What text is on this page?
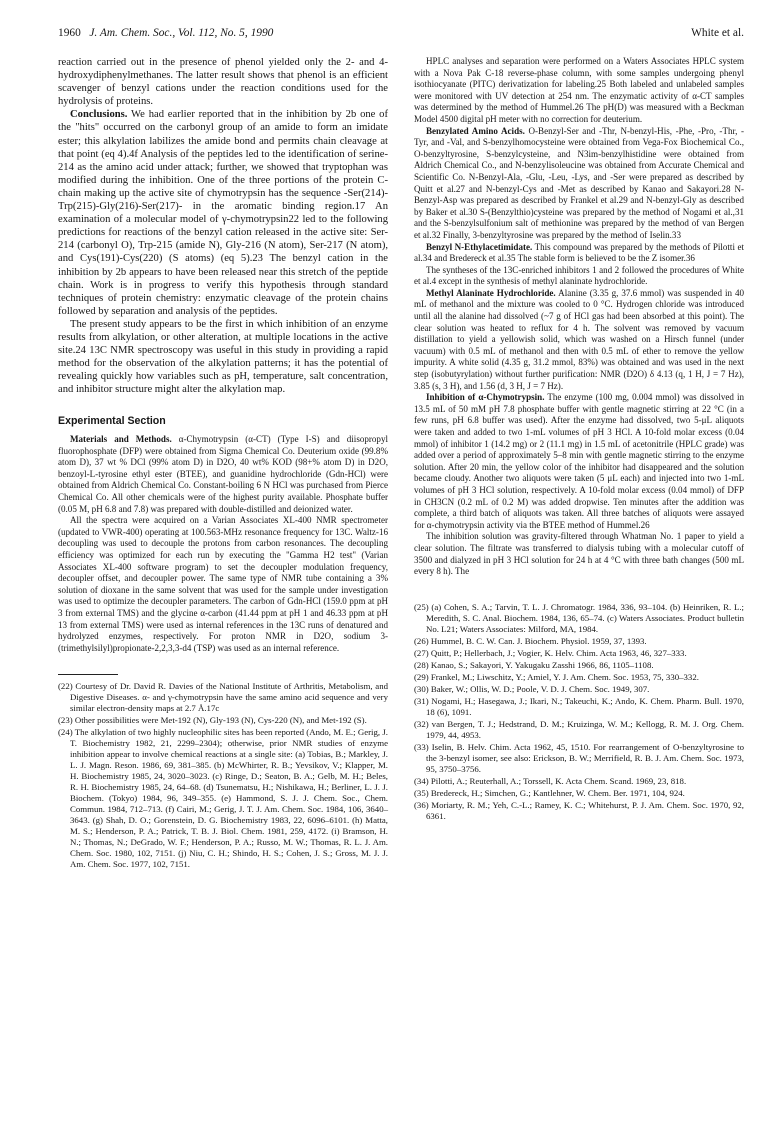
1960 J. Am. Chem. Soc., Vol. 112, No. 5, 1990	White et al.

reaction carried out in the presence of phenol yielded only the 2- and 4-hydroxydiphenylmethanes. The latter result shows that phenol is an efficient scavenger of benzyl cations under the reaction conditions used for the hydrolysis of proteins.

Conclusions. We had earlier reported that in the inhibition by 2b one of the "hits" occurred on the carbonyl group of an amide to form an imidate ester; this alkylation labilizes the amide bond and permits chain cleavage at that point (eq 4).4f Analysis of the peptides led to the identification of serine-214 as the amino acid under attack; further, we showed that tryptophan was modified during the inhibition. One of the three portions of the protein C-chain making up the active site of chymotrypsin has the sequence -Ser(214)-Trp(215)-Gly(216)-Ser(217)- in the aromatic binding region.17 An examination of a molecular model of γ-chymotrypsin22 led to the following predictions for reactions of the benzyl cation released in the active site: Ser-214 (carbonyl O), Trp-215 (amide N), Gly-216 (N atom), Ser-217 (N atom), and Cys(191)-Cys(220) (S atoms) (eq 5).23 The benzyl cation in the inhibition by 2b appears to have been released near this stretch of the peptide chain. Work is in progress to verify this hypothesis through standard techniques of protein chemistry: enzymatic cleavage of the protein chains followed by separation and analysis of the peptides.

The present study appears to be the first in which inhibition of an enzyme results from alkylation, or other alteration, at multiple locations in the active site.24 13C NMR spectroscopy was useful in this study in providing a rapid method for the observation of the alkylation patterns; it has the potential of revealing quickly how variables such as pH, temperature, salt concentration, and inhibitor structure might alter the alkylation map.

Experimental Section

Materials and Methods. α-Chymotrypsin (α-CT) (Type I-S) and diisopropyl fluorophosphate (DFP) were obtained from Sigma Chemical Co. Deuterium oxide (99.8% atom D), 37 wt % DCl (99% atom D) in D2O, 40 wt% KOD (98+% atom D) in D2O, benzoyl-L-tyrosine ethyl ester (BTEE), and guanidine hydrochloride (Gdn-HCl) were obtained from Aldrich Chemical Co. Constant-boiling 6 N HCl was purchased from Pierce Chemical Co. All other chemicals were of the highest purity available. Phosphate buffer (0.05 M, pH 6.8 and 7.8) was prepared with double-distilled and deionized water.

All the spectra were acquired on a Varian Associates XL-400 NMR spectrometer (updated to VWR-400) operating at 100.563-MHz resonance frequency for 13C. Waltz-16 decoupling was used to decouple the protons from carbon resonances. The decoupling efficiency was optimized for each run by executing the "Gamma H2 test" (Varian Associates XL-400 software program) to set the decoupler modulation frequency, decoupler offset, and decoupler power. The same type of NMR tube containing a 3% solution of dioxane in the same solvent that was used for the sample under investigation was used to optimize the decoupler parameters. The carbon of Gdn-HCl (159.0 ppm at pH 3 from external TMS) and the glycine α-carbon (41.44 ppm at pH 1 and 46.33 ppm at pH 13 from external TMS) were used as internal references in the 13C runs of denatured and hydrolyzed enzymes, respectively. For proton NMR in D2O, sodium 3-(trimethylsilyl)propionate-2,2,3,3-d4 (TSP) was used as an internal reference.

(22) Courtesy of Dr. David R. Davies of the National Institute of Arthritis, Metabolism, and Digestive Diseases. α- and γ-chymotrypsin have the same amino acid sequence and very similar electron-density maps at 2.7 Å.17c
(23) Other possibilities were Met-192 (N), Gly-193 (N), Cys-220 (N), and Met-192 (S).
(24) The alkylation of two highly nucleophilic sites has been reported (Ando, M. E.; Gerig, J. T. Biochemistry 1982, 21, 2299–2304); otherwise, prior NMR studies of enzyme inhibition appear to involve chemical reactions at a single site: (a) Tobias, B.; Markley, J. L. J. Magn. Reson. 1986, 69, 381–385. (b) McWhirter, R. B.; Yevsikov, V.; Klapper, M. H. Biochemistry 1985, 24, 3020–3023. (c) Ringe, D.; Seaton, B. A.; Gelb, M. H.; Beles, R. H. Biochemistry 1985, 24, 64–68. (d) Tsunematsu, H.; Nishikawa, H.; Berliner, L. J. J. Biochem. (Tokyo) 1984, 96, 349–355. (e) Hammond, S. J. J. Chem. Soc., Chem. Commun. 1984, 712–713. (f) Cairi, M.; Gerig, J. T. J. Am. Chem. Soc. 1984, 106, 3640–3643. (g) Shah, D. O.; Gorenstein, D. G. Biochemistry 1983, 22, 6096–6101. (h) Matta, M. S.; Henderson, P. A.; Patrick, T. B. J. Biol. Chem. 1981, 259, 4172. (i) Bramson, H. N.; Thomas, N.; DeGrado, W. F.; Henderson, P. A.; Russo, M. W.; Thomas, R. L. J. Am. Chem. Soc. 1980, 102, 7151. (j) Niu, C. H.; Shindo, H. S.; Cohen, J. S.; Gross, M. J. J. Am. Chem. Soc. 1977, 102, 7151.

HPLC analyses and separation were performed on a Waters Associates HPLC system with a Nova Pak C-18 reverse-phase column, with some samples undergoing phenyl isothiocyanate (PITC) derivatization for labeling.25 Both labeled and unlabeled samples were monitored with UV detection at 254 nm. The enzymatic activity of α-CT samples was determined by the method of Hummel.26 The pH(D) was measured with a Beckman Model 4500 digital pH meter with no correction for deuterium.

Benzylated Amino Acids. O-Benzyl-Ser and -Thr, N-benzyl-His, -Phe, -Pro, -Thr, -Tyr, and -Val, and S-benzylhomocysteine were obtained from Vega-Fox Biochemical Co., O-benzyltyrosine, S-benzylcysteine, and N3im-benzylhistidine were obtained from Aldrich Chemical Co., and N-benzylisoleucine was obtained from Accurate Chemical and Scientific Co. N-Benzyl-Ala, -Glu, -Leu, -Lys, and -Ser were prepared as described by Quitt et al.27 and N-benzyl-Cys and -Met as described by Kanao and Sakayori.28 N-Benzyl-Asp was prepared as described by Frankel et al.29 and N-benzyl-Gly as described by Baker et al.30 S-(Benzylthio)cysteine was prepared by the method of Nogami et al.,31 and the S-benzylsulfonium salt of methionine was prepared by the method of van Bergen et al.32 Finally, 3-benzyltyrosine was prepared by the method of Iselin.33

Benzyl N-Ethylacetimidate. This compound was prepared by the methods of Pilotti et al.34 and Bredereck et al.35 The stable form is believed to be the Z isomer.36

The syntheses of the 13C-enriched inhibitors 1 and 2 followed the procedures of White et al.4 except in the synthesis of methyl alaninate hydrochloride.

Methyl Alaninate Hydrochloride. Alanine (3.35 g, 37.6 mmol) was suspended in 40 mL of methanol and the mixture was cooled to 0 °C. Hydrogen chloride was introduced until all the alanine had dissolved (~7 g of HCl gas had been absorbed at this point). The clear solution was heated to reflux for 4 h. The solvent was removed by vacuum distillation to yield a yellowish solid, which was washed on a Hirsch funnel (under vacuum) with 0.5 mL of methanol and then with 0.5 mL of ether to remove the yellow impurity. A white solid (4.35 g, 31.2 mmol, 83%) was obtained and was used in the next step (isobutyrylation) without further purification: NMR (D2O) δ 4.13 (q, 1 H, J = 7 Hz), 3.85 (s, 3 H), and 1.56 (d, 3 H, J = 7 Hz).

Inhibition of α-Chymotrypsin. The enzyme (100 mg, 0.004 mmol) was dissolved in 13.5 mL of 50 mM pH 7.8 phosphate buffer with gentle magnetic stirring at 22 °C (in a few runs, pH 6.8 buffer was used). After the enzyme had dissolved, two 5-μL aliquots were taken and added to two 1-mL volumes of pH 3 HCl. A 10-fold molar excess (0.04 mmol) of inhibitor 1 (14.2 mg) or 2 (11.1 mg) in 1.5 mL of acetonitrile (HPLC grade) was added over a period of approximately 5–8 min with gentle magnetic stirring to the enzyme solution. After 20 min, the yellow color of the inhibitor had disappeared and the solution became cloudy. Another two aliquots were taken (5 μL each) and injected into two 1-mL volumes of pH 3 HCl solution, respectively. A 10-fold molar excess (0.04 mmol) of DFP in CH3CN (0.2 mL of 0.2 M) was added dropwise. Ten minutes after the addition was complete, a third batch of aliquots was taken. All three batches of aliquots were assayed for α-chymotrypsin activity via the BTEE method of Hummel.26

The inhibition solution was gravity-filtered through Whatman No. 1 paper to yield a clear solution. The filtrate was transferred to dialysis tubing with a molecular cutoff of 3500 and dialyzed in pH 3 HCl solution for 24 h at 4 °C with three bath changes (500 mL every 8 h). The

(25) (a) Cohen, S. A.; Tarvin, T. L. J. Chromatogr. 1984, 336, 93–104. (b) Heinriken, R. L.; Meredith, S. C. Anal. Biochem. 1984, 136, 65–74. (c) Waters Associates. Product bulletin No. L21; Waters Associates: Milford, MA, 1984.
(26) Hummel, B. C. W. Can. J. Biochem. Physiol. 1959, 37, 1393.
(27) Quitt, P.; Hellerbach, J.; Vogier, K. Helv. Chim. Acta 1963, 46, 327–333.
(28) Kanao, S.; Sakayori, Y. Yakugaku Zasshi 1966, 86, 1105–1108.
(29) Frankel, M.; Liwschitz, Y.; Amiel, Y. J. Am. Chem. Soc. 1953, 75, 330–332.
(30) Baker, W.; Ollis, W. D.; Poole, V. D. J. Chem. Soc. 1949, 307.
(31) Nogami, H.; Hasegawa, J.; Ikari, N.; Takeuchi, K.; Ando, K. Chem. Pharm. Bull. 1970, 18 (6), 1091.
(32) van Bergen, T. J.; Hedstrand, D. M.; Kruizinga, W. M.; Kellogg, R. M. J. Org. Chem. 1979, 44, 4953.
(33) Iselin, B. Helv. Chim. Acta 1962, 45, 1510. For rearrangement of O-benzyltyrosine to the 3-benzyl isomer, see also: Erickson, B. W.; Merrifield, R. B. J. Am. Chem. Soc. 1973, 95, 3750–3756.
(34) Pilotti, A.; Reuterhall, A.; Torssell, K. Acta Chem. Scand. 1969, 23, 818.
(35) Bredereck, H.; Simchen, G.; Kantlehner, W. Chem. Ber. 1971, 104, 924.
(36) Moriarty, R. M.; Yeh, C.-L.; Ramey, K. C.; Whitehurst, P. J. Am. Chem. Soc. 1970, 92, 6361.
